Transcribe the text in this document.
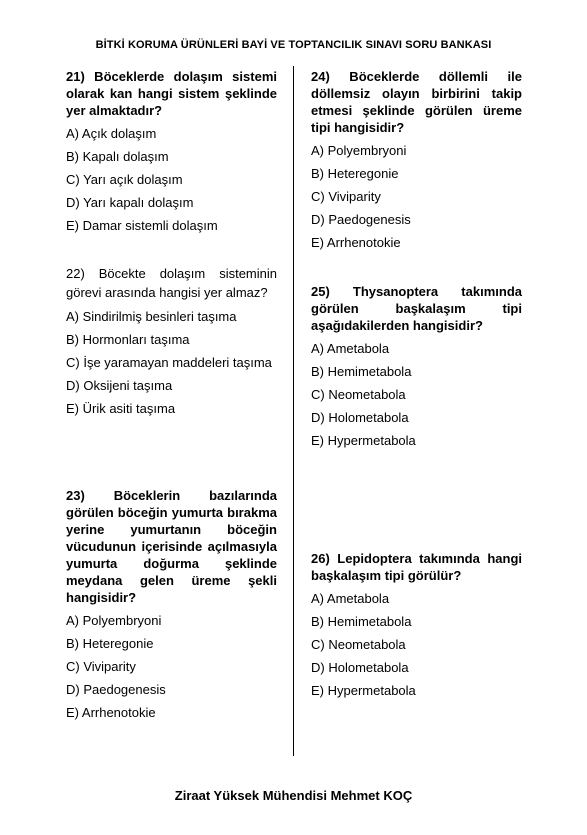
BİTKİ KORUMA ÜRÜNLERİ BAYİ VE TOPTANCILIK SINAVI SORU BANKASI

21) Böceklerde dolaşım sistemi olarak kan hangi sistem şeklinde yer almaktadır?

A) Açık dolaşım
B) Kapalı dolaşım
C) Yarı açık dolaşım
D) Yarı kapalı dolaşım
E) Damar sistemli dolaşım

22) Böcekte dolaşım sisteminin görevi arasında hangisi yer almaz?

A) Sindirilmiş besinleri taşıma
B) Hormonları taşıma
C) İşe yaramayan maddeleri taşıma
D) Oksijeni taşıma
E) Ürik asiti taşıma

23) Böceklerin bazılarında görülen böceğin yumurta bırakma yerine yumurtanın böceğin vücudunun içerisinde açılmasıyla yumurta doğurma şeklinde meydana gelen üreme şekli hangisidir?

A) Polyembryoni
B) Heteregonie
C) Viviparity
D) Paedogenesis
E) Arrhenotokie

24) Böceklerde döllemli ile döllemsiz olayın birbirini takip etmesi şeklinde görülen üreme tipi hangisidir?

A) Polyembryoni
B) Heteregonie
C) Viviparity
D) Paedogenesis
E) Arrhenotokie

25) Thysanoptera takımında görülen başkalaşım tipi aşağıdakilerden hangisidir?

A) Ametabola
B) Hemimetabola
C) Neometabola
D) Holometabola
E) Hypermetabola

26) Lepidoptera takımında hangi başkalaşım tipi görülür?

A) Ametabola
B) Hemimetabola
C) Neometabola
D) Holometabola
E) Hypermetabola
Ziraat Yüksek Mühendisi Mehmet KOÇ
